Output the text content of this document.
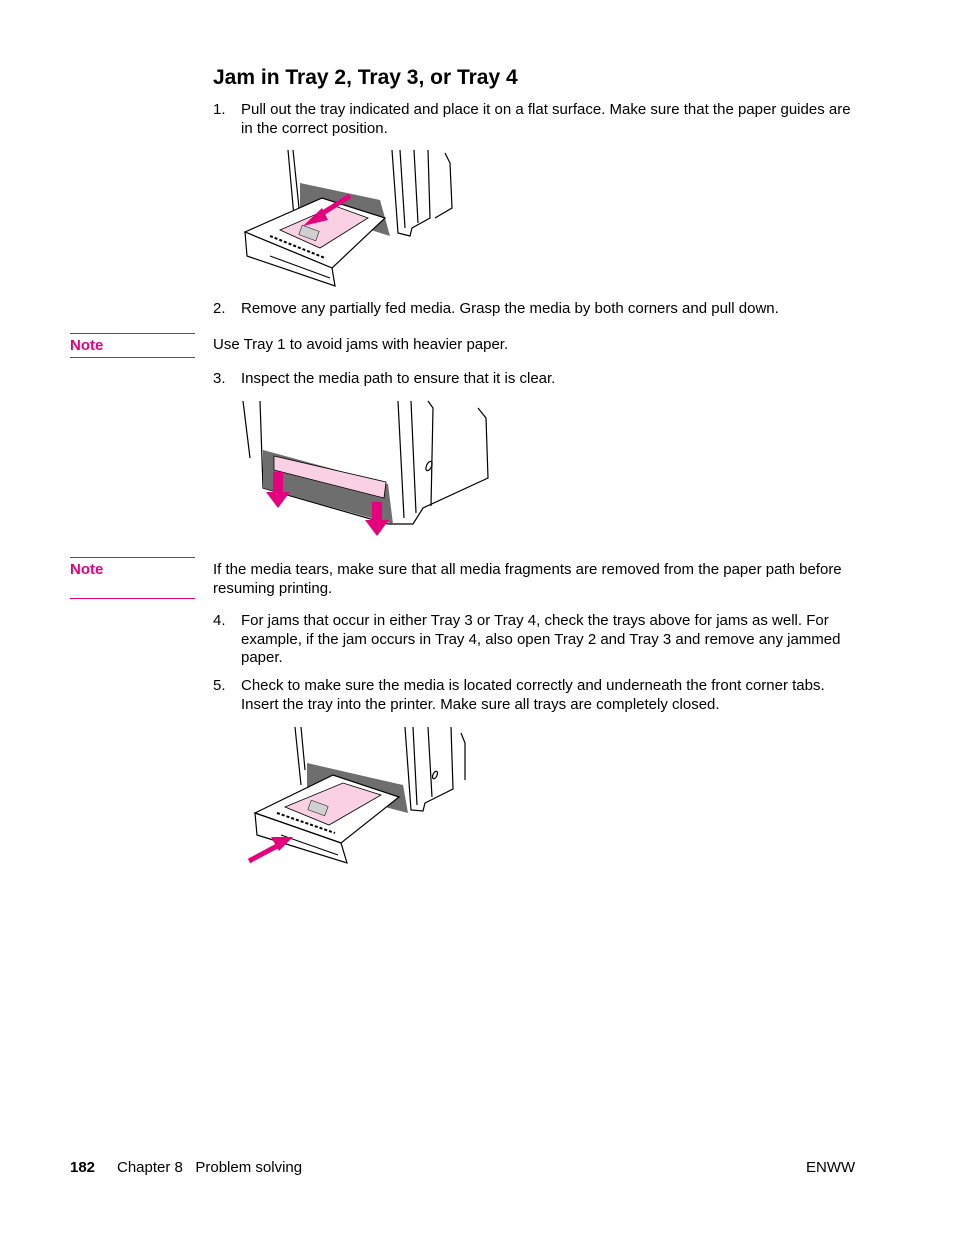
Jam in Tray 2, Tray 3, or Tray 4
1. Pull out the tray indicated and place it on a flat surface. Make sure that the paper guides are in the correct position.
2. Remove any partially fed media. Grasp the media by both corners and pull down.
Note	Use Tray 1 to avoid jams with heavier paper.
3. Inspect the media path to ensure that it is clear.
Note	If the media tears, make sure that all media fragments are removed from the paper path before resuming printing.
4. For jams that occur in either Tray 3 or Tray 4, check the trays above for jams as well. For example, if the jam occurs in Tray 4, also open Tray 2 and Tray 3 and remove any jammed paper.
5. Check to make sure the media is located correctly and underneath the front corner tabs. Insert the tray into the printer. Make sure all trays are completely closed.
182 Chapter 8   Problem solving	ENWW
